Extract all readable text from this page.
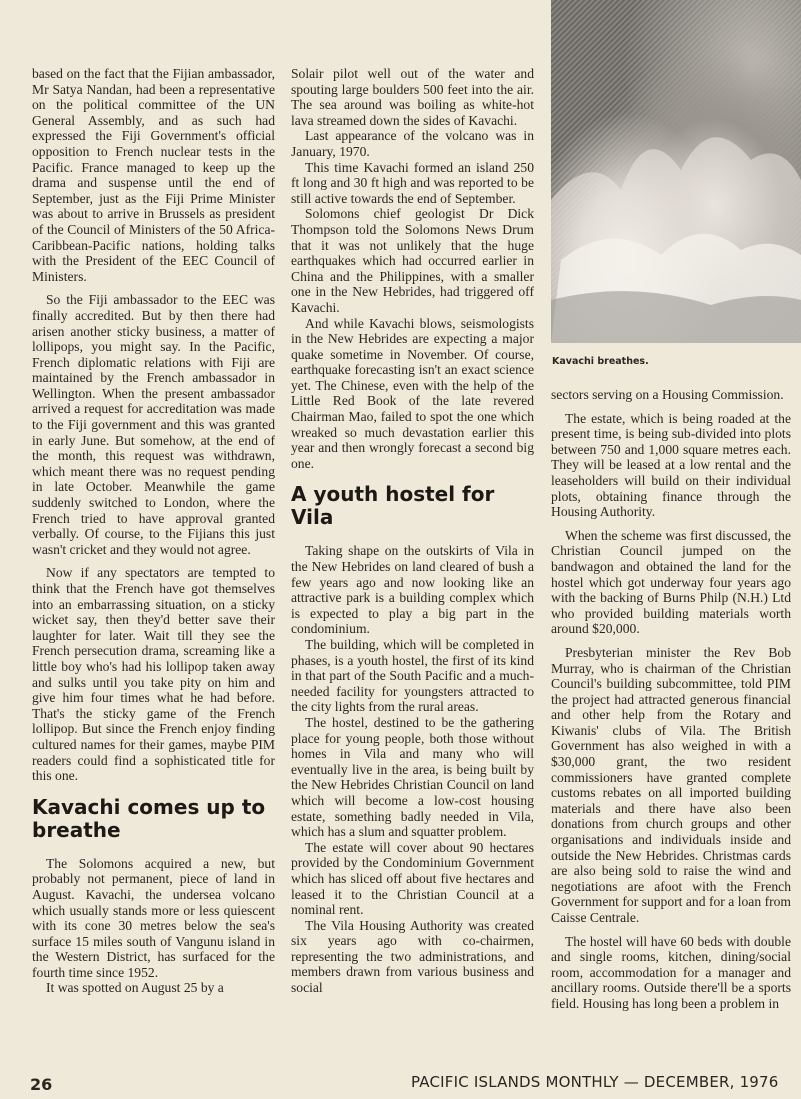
based on the fact that the Fijian ambassador, Mr Satya Nandan, had been a representative on the political committee of the UN General Assembly, and as such had expressed the Fiji Government's official opposition to French nuclear tests in the Pacific. France managed to keep up the drama and suspense until the end of September, just as the Fiji Prime Minister was about to arrive in Brussels as president of the Council of Ministers of the 50 Africa-Caribbean-Pacific nations, holding talks with the President of the EEC Council of Ministers.

So the Fiji ambassador to the EEC was finally accredited. But by then there had arisen another sticky business, a matter of lollipops, you might say. In the Pacific, French diplomatic relations with Fiji are maintained by the French ambassador in Wellington. When the present ambassador arrived a request for accreditation was made to the Fiji government and this was granted in early June. But somehow, at the end of the month, this request was withdrawn, which meant there was no request pending in late October. Meanwhile the game suddenly switched to London, where the French tried to have approval granted verbally. Of course, to the Fijians this just wasn't cricket and they would not agree.

Now if any spectators are tempted to think that the French have got themselves into an embarrassing situation, on a sticky wicket say, then they'd better save their laughter for later. Wait till they see the French persecution drama, screaming like a little boy who's had his lollipop taken away and sulks until you take pity on him and give him four times what he had before. That's the sticky game of the French lollipop. But since the French enjoy finding cultured names for their games, maybe PIM readers could find a sophisticated title for this one.

Kavachi comes up to breathe

The Solomons acquired a new, but probably not permanent, piece of land in August. Kavachi, the undersea volcano which usually stands more or less quiescent with its cone 30 metres below the sea's surface 15 miles south of Vangunu island in the Western District, has surfaced for the fourth time since 1952.

It was spotted on August 25 by a

Solair pilot well out of the water and spouting large boulders 500 feet into the air. The sea around was boiling as white-hot lava streamed down the sides of Kavachi.

Last appearance of the volcano was in January, 1970.

This time Kavachi formed an island 250 ft long and 30 ft high and was reported to be still active towards the end of September.

Solomons chief geologist Dr Dick Thompson told the Solomons News Drum that it was not unlikely that the huge earthquakes which had occurred earlier in China and the Philippines, with a smaller one in the New Hebrides, had triggered off Kavachi.

And while Kavachi blows, seismologists in the New Hebrides are expecting a major quake sometime in November. Of course, earthquake forecasting isn't an exact science yet. The Chinese, even with the help of the Little Red Book of the late revered Chairman Mao, failed to spot the one which wreaked so much devastation earlier this year and then wrongly forecast a second big one.

A youth hostel for Vila

Taking shape on the outskirts of Vila in the New Hebrides on land cleared of bush a few years ago and now looking like an attractive park is a building complex which is expected to play a big part in the condominium.

The building, which will be completed in phases, is a youth hostel, the first of its kind in that part of the South Pacific and a much-needed facility for youngsters attracted to the city lights from the rural areas.

The hostel, destined to be the gathering place for young people, both those without homes in Vila and many who will eventually live in the area, is being built by the New Hebrides Christian Council on land which will become a low-cost housing estate, something badly needed in Vila, which has a slum and squatter problem.

The estate will cover about 90 hectares provided by the Condominium Government which has sliced off about five hectares and leased it to the Christian Council at a nominal rent.

The Vila Housing Authority was created six years ago with co-chairmen, representing the two administrations, and members drawn from various business and social

Kavachi breathes.

sectors serving on a Housing Commission.

The estate, which is being roaded at the present time, is being sub-divided into plots between 750 and 1,000 square metres each. They will be leased at a low rental and the leaseholders will build on their individual plots, obtaining finance through the Housing Authority.

When the scheme was first discussed, the Christian Council jumped on the bandwagon and obtained the land for the hostel which got underway four years ago with the backing of Burns Philp (N.H.) Ltd who provided building materials worth around $20,000.

Presbyterian minister the Rev Bob Murray, who is chairman of the Christian Council's building subcommittee, told PIM the project had attracted generous financial and other help from the Rotary and Kiwanis' clubs of Vila. The British Government has also weighed in with a $30,000 grant, the two resident commissioners have granted complete customs rebates on all imported building materials and there have also been donations from church groups and other organisations and individuals inside and outside the New Hebrides. Christmas cards are also being sold to raise the wind and negotiations are afoot with the French Government for support and for a loan from Caisse Centrale.

The hostel will have 60 beds with double and single rooms, kitchen, dining/social room, accommodation for a manager and ancillary rooms. Outside there'll be a sports field. Housing has long been a problem in

26	PACIFIC ISLANDS MONTHLY — DECEMBER, 1976
